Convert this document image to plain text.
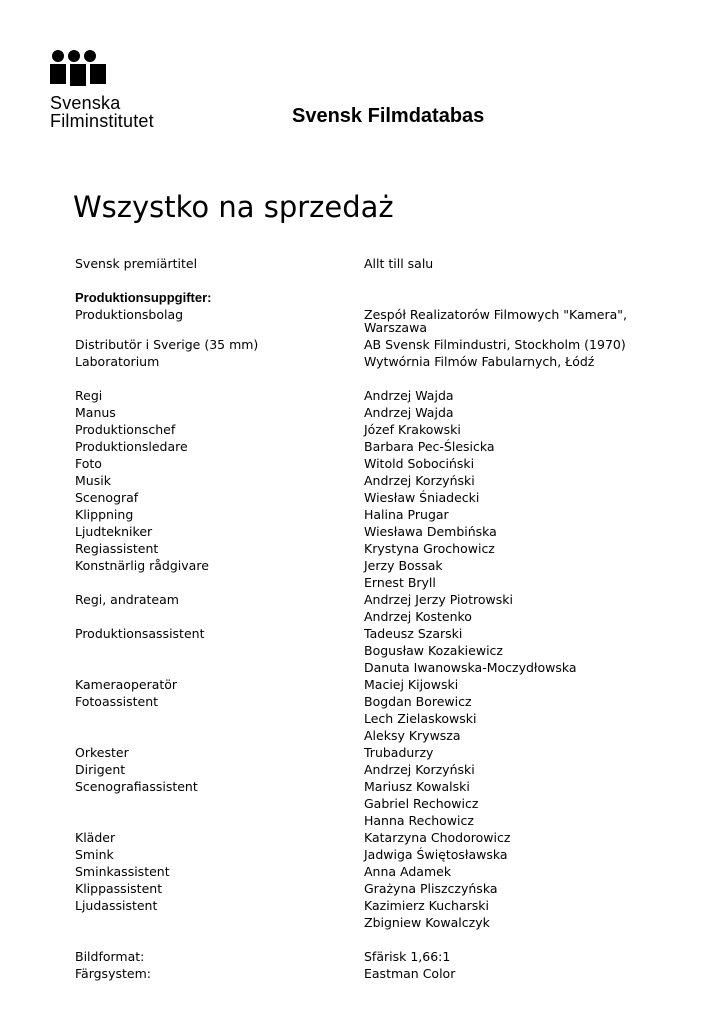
Svenska
Filminstitutet	Svensk Filmdatabas
Wszystko na sprzedaż
Svensk premiärtitel	Allt till salu
Produktionsuppgifter:
Produktionsbolag	Zespół Realizatorów Filmowych "Kamera", Warszawa
Distributör i Sverige (35 mm)	AB Svensk Filmindustri, Stockholm (1970)
Laboratorium	Wytwórnia Filmów Fabularnych, Łódź
Regi	Andrzej Wajda
Manus	Andrzej Wajda
Produktionschef	Józef Krakowski
Produktionsledare	Barbara Pec-Ślesicka
Foto	Witold Sobociński
Musik	Andrzej Korzyński
Scenograf	Wiesław Śniadecki
Klippning	Halina Prugar
Ljudtekniker	Wiesława Dembińska
Regiassistent	Krystyna Grochowicz
Konstnärlig rådgivare	Jerzy Bossak
Ernest Bryll
Regi, andrateam	Andrzej Jerzy Piotrowski
Andrzej Kostenko
Produktionsassistent	Tadeusz Szarski
Bogusław Kozakiewicz
Danuta Iwanowska-Moczydłowska
Kameraoperatör	Maciej Kijowski
Fotoassistent	Bogdan Borewicz
Lech Zielaskowski
Aleksy Krywsza
Orkester	Trubadurzy
Dirigent	Andrzej Korzyński
Scenografiassistent	Mariusz Kowalski
Gabriel Rechowicz
Hanna Rechowicz
Kläder	Katarzyna Chodorowicz
Smink	Jadwiga Świętosławska
Sminkassistent	Anna Adamek
Klippassistent	Grażyna Pliszczyńska
Ljudassistent	Kazimierz Kucharski
Zbigniew Kowalczyk
Bildformat:	Sfärisk 1,66:1
Färgsystem:	Eastman Color
